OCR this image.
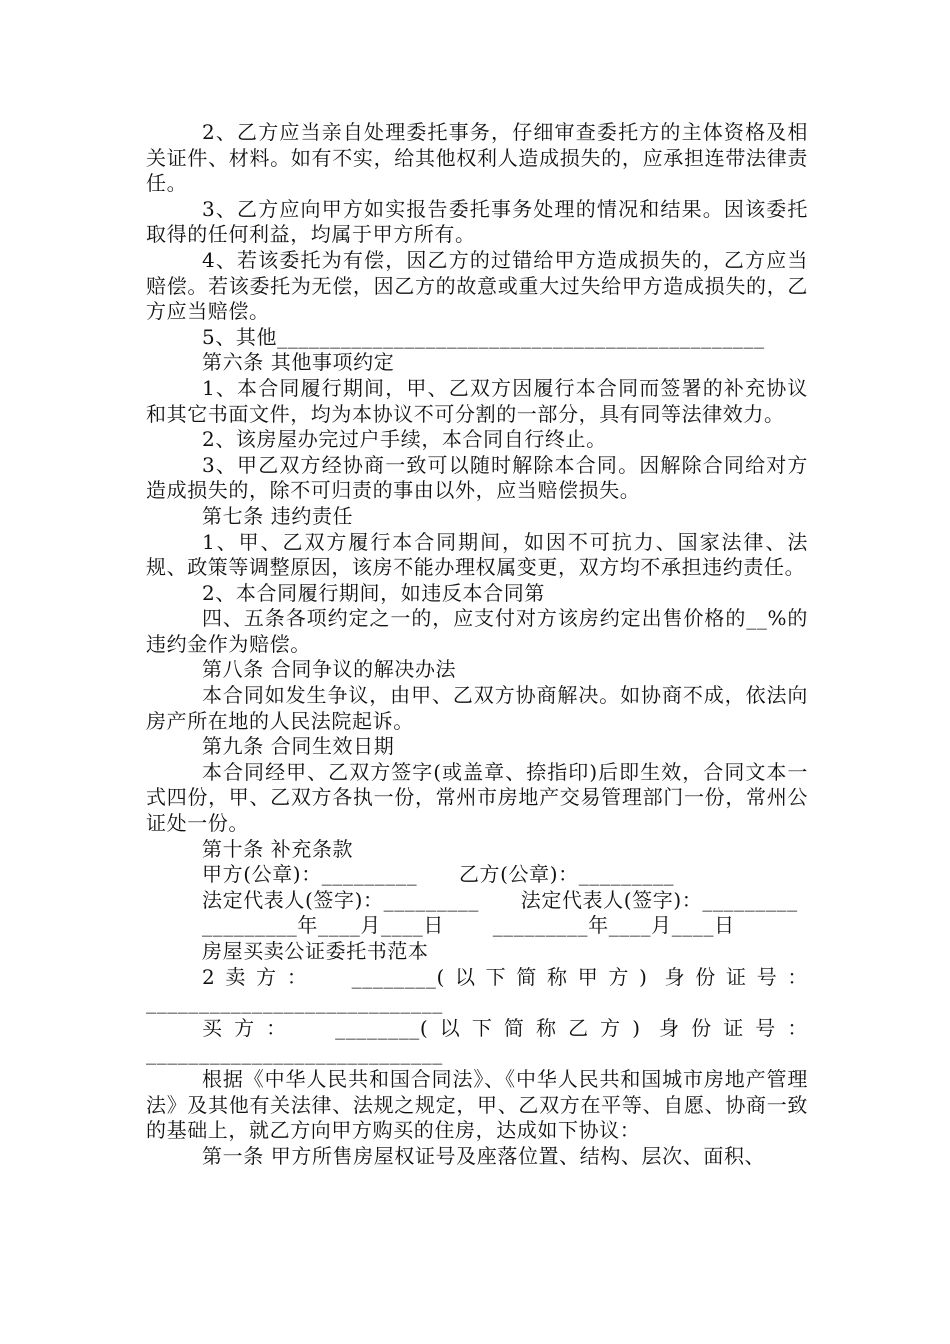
2、乙方应当亲自处理委托事务，仔细审查委托方的主体资格及相关证件、材料。如有不实，给其他权利人造成损失的，应承担连带法律责任。

3、乙方应向甲方如实报告委托事务处理的情况和结果。因该委托取得的任何利益，均属于甲方所有。

4、若该委托为有偿，因乙方的过错给甲方造成损失的，乙方应当赔偿。若该委托为无偿，因乙方的故意或重大过失给甲方造成损失的，乙方应当赔偿。

5、其他______________________________________________

第六条 其他事项约定

1、本合同履行期间，甲、乙双方因履行本合同而签署的补充协议和其它书面文件，均为本协议不可分割的一部分，具有同等法律效力。

2、该房屋办完过户手续，本合同自行终止。

3、甲乙双方经协商一致可以随时解除本合同。因解除合同给对方造成损失的，除不可归责的事由以外，应当赔偿损失。

第七条 违约责任

1、甲、乙双方履行本合同期间，如因不可抗力、国家法律、法规、政策等调整原因，该房不能办理权属变更，双方均不承担违约责任。

2、本合同履行期间，如违反本合同第

四、五条各项约定之一的，应支付对方该房约定出售价格的__%的违约金作为赔偿。

第八条 合同争议的解决办法

本合同如发生争议，由甲、乙双方协商解决。如协商不成，依法向房产所在地的人民法院起诉。

第九条 合同生效日期

本合同经甲、乙双方签字(或盖章、捺指印)后即生效，合同文本一式四份，甲、乙双方各执一份，常州市房地产交易管理部门一份，常州公证处一份。

第十条 补充条款

甲方(公章)：_________      乙方(公章)：_________

法定代表人(签字)：_________      法定代表人(签字)：_________

_________年____月____日       _________年____月____日

房屋买卖公证委托书范本

2卖方：  ________(以下简称甲方) 身份证号：____________________________

买方：  ________(以下简称乙方) 身份证号：____________________________

根据《中华人民共和国合同法》、《中华人民共和国城市房地产管理法》及其他有关法律、法规之规定，甲、乙双方在平等、自愿、协商一致的基础上，就乙方向甲方购买的住房，达成如下协议：

第一条 甲方所售房屋权证号及座落位置、结构、层次、面积、
